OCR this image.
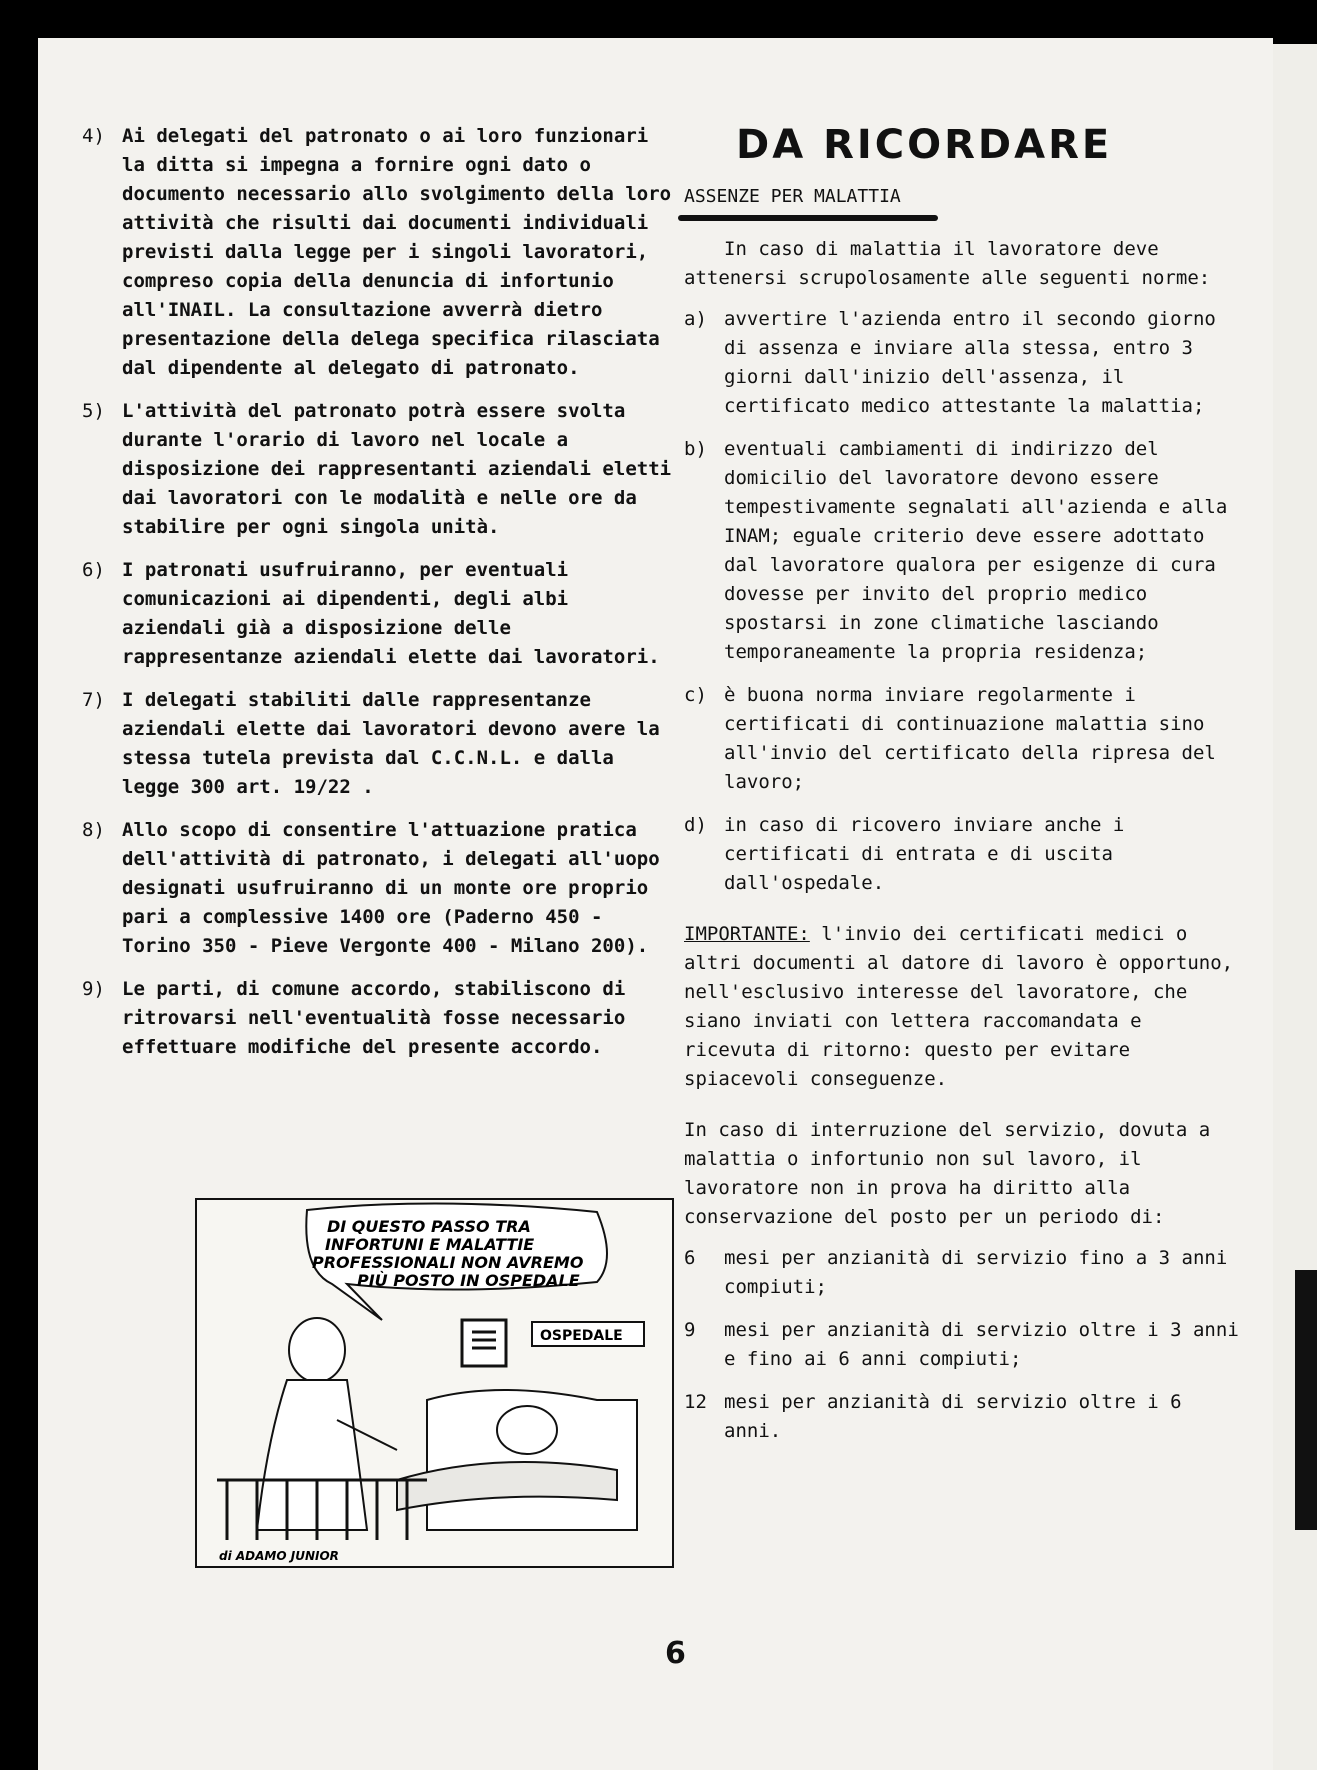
4) Ai delegati del patronato o ai loro funzionari la ditta si impegna a fornire ogni dato o documento necessario allo svolgimento della loro attività che risulti dai documenti individuali previsti dalla legge per i singoli lavoratori, compreso copia della denuncia di infortunio all'INAIL. La consultazione avverrà dietro presentazione della delega specifica rilasciata dal dipendente al delegato di patronato.
5) L'attività del patronato potrà essere svolta durante l'orario di lavoro nel locale a disposizione dei rappresentanti aziendali eletti dai lavoratori con le modalità e nelle ore da stabilire per ogni singola unità.
6) I patronati usufruiranno, per eventuali comunicazioni ai dipendenti, degli albi aziendali già a disposizione delle rappresentanze aziendali elette dai lavoratori.
7) I delegati stabiliti dalle rappresentanze aziendali elette dai lavoratori devono avere la stessa tutela prevista dal C.C.N.L. e dalla legge 300 art. 19/22 .
8) Allo scopo di consentire l'attuazione pratica dell'attività di patronato, i delegati all'uopo designati usufruiranno di un monte ore proprio pari a complessive 1400 ore (Paderno 450 - Torino 350 - Pieve Vergonte 400 - Milano 200).
9) Le parti, di comune accordo, stabiliscono di ritrovarsi nell'eventualità fosse necessario effettuare modifiche del presente accordo.
DA RICORDARE
ASSENZE PER MALATTIA
In caso di malattia il lavoratore deve attenersi scrupolosamente alle seguenti norme:
a) avvertire l'azienda entro il secondo giorno di assenza e inviare alla stessa, entro 3 giorni dall'inizio dell'assenza, il certificato medico attestante la malattia;
b) eventuali cambiamenti di indirizzo del domicilio del lavoratore devono essere tempestivamente segnalati all'azienda e alla INAM; eguale criterio deve essere adottato dal lavoratore qualora per esigenze di cura dovesse per invito del proprio medico spostarsi in zone climatiche lasciando temporaneamente la propria residenza;
c) è buona norma inviare regolarmente i certificati di continuazione malattia sino all'invio del certificato della ripresa del lavoro;
d) in caso di ricovero inviare anche i certificati di entrata e di uscita dall'ospedale.
IMPORTANTE: l'invio dei certificati medici o altri documenti al datore di lavoro è opportuno, nell'esclusivo interesse del lavoratore, che siano inviati con lettera raccomandata e ricevuta di ritorno: questo per evitare spiacevoli conseguenze.
In caso di interruzione del servizio, dovuta a malattia o infortunio non sul lavoro, il lavoratore non in prova ha diritto alla conservazione del posto per un periodo di:
6	mesi per anzianità di servizio fino a 3 anni compiuti;
9	mesi per anzianità di servizio oltre i 3 anni e fino ai 6 anni compiuti;
12 mesi per anzianità di servizio oltre i 6 anni.
DI QUESTO PASSO TRA
INFORTUNI E MALATTIE
PROFESSIONALI NON AVREMO
PIÙ POSTO IN OSPEDALE
OSPEDALE
di ADAMO JUNIOR
6
